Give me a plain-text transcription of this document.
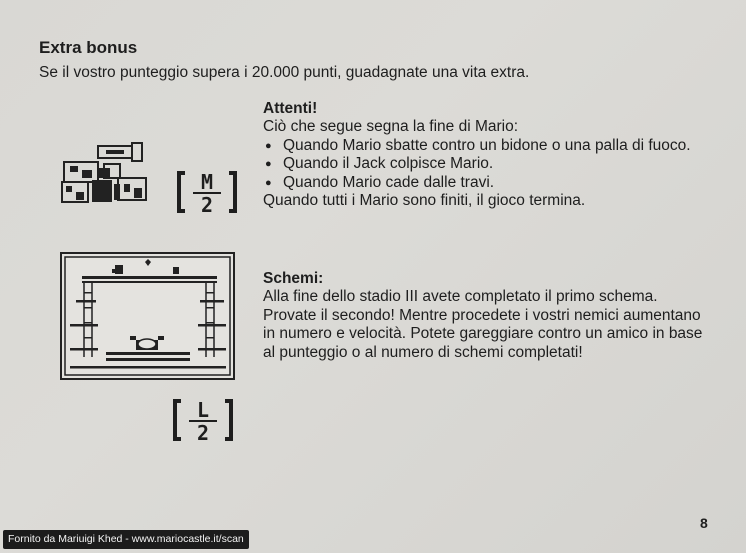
Extra bonus

Se il vostro punteggio supera i 20.000 punti, guadagnate una vita extra.

M
2
L
2
Attenti!

Ciò che segue segna la fine di Mario:

● Quando Mario sbatte contro un bidone o una palla di fuoco.
● Quando il Jack colpisce Mario.
● Quando Mario cade dalle travi.

Quando tutti i Mario sono finiti, il gioco termina.

Schemi:

Alla fine dello stadio III avete completato il primo schema. Provate il secondo! Mentre procedete i vostri nemici aumentano in numero e velocità. Potete gareggiare contro un amico in base al punteggio o al numero di schemi completati!

8
Fornito da Mariuigi Khed - www.mariocastle.it/scan
